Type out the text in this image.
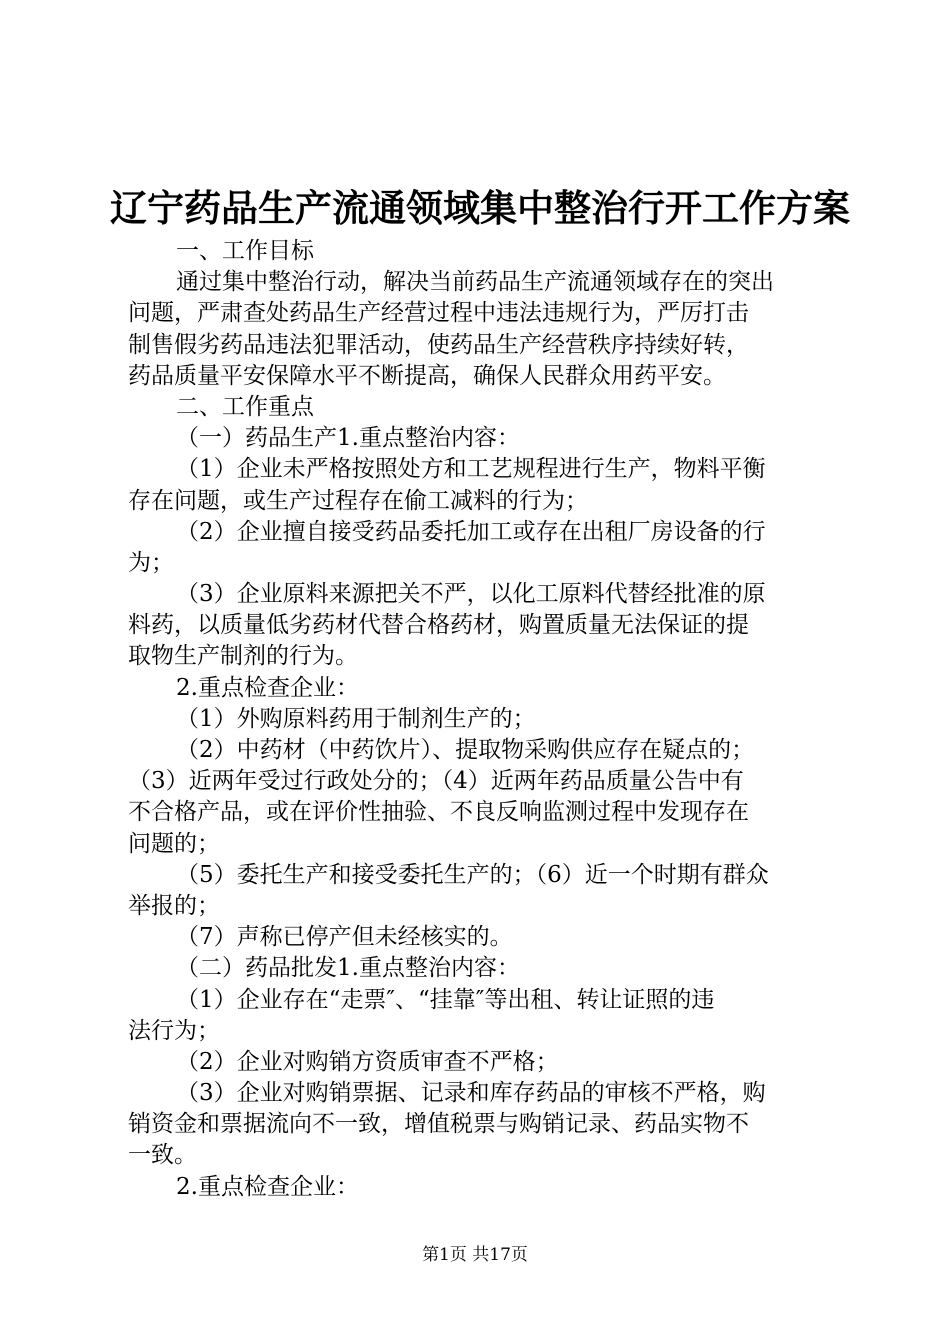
辽宁药品生产流通领域集中整治行开工作方案
一、工作目标
通过集中整治行动，解决当前药品生产流通领域存在的突出
问题，严肃查处药品生产经营过程中违法违规行为，严厉打击
制售假劣药品违法犯罪活动，使药品生产经营秩序持续好转，
药品质量平安保障水平不断提高，确保人民群众用药平安。
二、工作重点
（一）药品生产1.重点整治内容：
（1）企业未严格按照处方和工艺规程进行生产，物料平衡
存在问题，或生产过程存在偷工减料的行为；
（2）企业擅自接受药品委托加工或存在出租厂房设备的行
为；
（3）企业原料来源把关不严，以化工原料代替经批准的原
料药，以质量低劣药材代替合格药材，购置质量无法保证的提
取物生产制剂的行为。
2.重点检查企业：
（1）外购原料药用于制剂生产的；
（2）中药材（中药饮片）、提取物采购供应存在疑点的；
（3）近两年受过行政处分的；（4）近两年药品质量公告中有
不合格产品，或在评价性抽验、不良反响监测过程中发现存在
问题的；
（5）委托生产和接受委托生产的；（6）近一个时期有群众
举报的；
（7）声称已停产但未经核实的。
（二）药品批发1.重点整治内容：
（1）企业存在“走票″、“挂靠″等出租、转让证照的违
法行为；
（2）企业对购销方资质审查不严格；
（3）企业对购销票据、记录和库存药品的审核不严格，购
销资金和票据流向不一致，增值税票与购销记录、药品实物不
一致。
2.重点检查企业：
第1页 共17页
